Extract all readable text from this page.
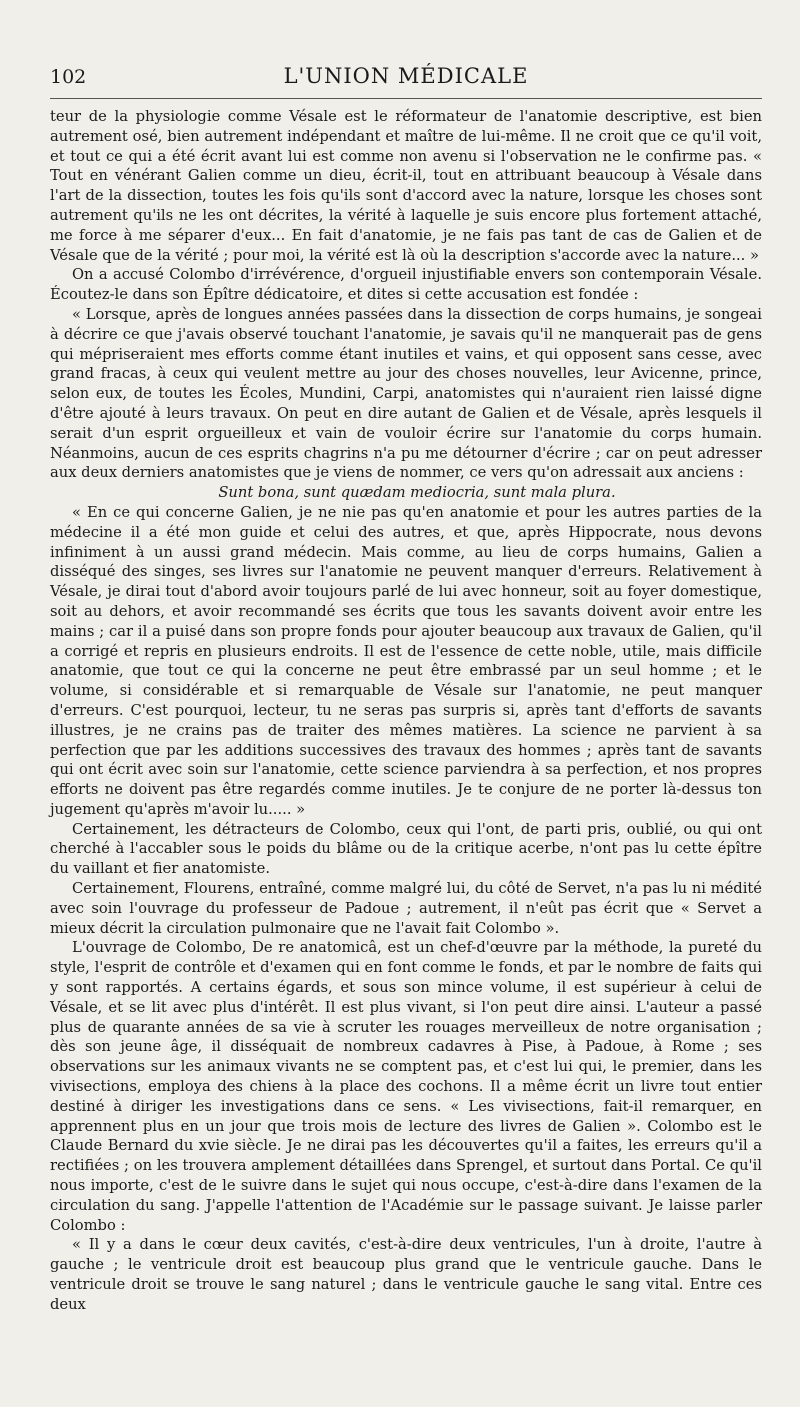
102	L'UNION MÉDICALE

teur de la physiologie comme Vésale est le réformateur de l'anatomie descriptive, est bien autrement osé, bien autrement indépendant et maître de lui-même. Il ne croit que ce qu'il voit, et tout ce qui a été écrit avant lui est comme non avenu si l'observation ne le confirme pas. « Tout en vénérant Galien comme un dieu, écrit-il, tout en attribuant beaucoup à Vésale dans l'art de la dissection, toutes les fois qu'ils sont d'accord avec la nature, lorsque les choses sont autrement qu'ils ne les ont décrites, la vérité à laquelle je suis encore plus fortement attaché, me force à me séparer d'eux... En fait d'anatomie, je ne fais pas tant de cas de Galien et de Vésale que de la vérité ; pour moi, la vérité est là où la description s'accorde avec la nature... »

On a accusé Colombo d'irrévérence, d'orgueil injustifiable envers son contemporain Vésale. Écoutez-le dans son Épître dédicatoire, et dites si cette accusation est fondée :

« Lorsque, après de longues années passées dans la dissection de corps humains, je songeai à décrire ce que j'avais observé touchant l'anatomie, je savais qu'il ne manquerait pas de gens qui mépriseraient mes efforts comme étant inutiles et vains, et qui opposent sans cesse, avec grand fracas, à ceux qui veulent mettre au jour des choses nouvelles, leur Avicenne, prince, selon eux, de toutes les Écoles, Mundini, Carpi, anatomistes qui n'auraient rien laissé digne d'être ajouté à leurs travaux. On peut en dire autant de Galien et de Vésale, après lesquels il serait d'un esprit orgueilleux et vain de vouloir écrire sur l'anatomie du corps humain. Néanmoins, aucun de ces esprits chagrins n'a pu me détourner d'écrire ; car on peut adresser aux deux derniers anatomistes que je viens de nommer, ce vers qu'on adressait aux anciens :

Sunt bona, sunt quædam mediocria, sunt mala plura.

« En ce qui concerne Galien, je ne nie pas qu'en anatomie et pour les autres parties de la médecine il a été mon guide et celui des autres, et que, après Hippocrate, nous devons infiniment à un aussi grand médecin. Mais comme, au lieu de corps humains, Galien a disséqué des singes, ses livres sur l'anatomie ne peuvent manquer d'erreurs. Relativement à Vésale, je dirai tout d'abord avoir toujours parlé de lui avec honneur, soit au foyer domestique, soit au dehors, et avoir recommandé ses écrits que tous les savants doivent avoir entre les mains ; car il a puisé dans son propre fonds pour ajouter beaucoup aux travaux de Galien, qu'il a corrigé et repris en plusieurs endroits. Il est de l'essence de cette noble, utile, mais difficile anatomie, que tout ce qui la concerne ne peut être embrassé par un seul homme ; et le volume, si considérable et si remarquable de Vésale sur l'anatomie, ne peut manquer d'erreurs. C'est pourquoi, lecteur, tu ne seras pas surpris si, après tant d'efforts de savants illustres, je ne crains pas de traiter des mêmes matières. La science ne parvient à sa perfection que par les additions successives des travaux des hommes ; après tant de savants qui ont écrit avec soin sur l'anatomie, cette science parviendra à sa perfection, et nos propres efforts ne doivent pas être regardés comme inutiles. Je te conjure de ne porter là-dessus ton jugement qu'après m'avoir lu..... »

Certainement, les détracteurs de Colombo, ceux qui l'ont, de parti pris, oublié, ou qui ont cherché à l'accabler sous le poids du blâme ou de la critique acerbe, n'ont pas lu cette épître du vaillant et fier anatomiste.

Certainement, Flourens, entraîné, comme malgré lui, du côté de Servet, n'a pas lu ni médité avec soin l'ouvrage du professeur de Padoue ; autrement, il n'eût pas écrit que « Servet a mieux décrit la circulation pulmonaire que ne l'avait fait Colombo ».

L'ouvrage de Colombo, De re anatomicâ, est un chef-d'œuvre par la méthode, la pureté du style, l'esprit de contrôle et d'examen qui en font comme le fonds, et par le nombre de faits qui y sont rapportés. A certains égards, et sous son mince volume, il est supérieur à celui de Vésale, et se lit avec plus d'intérêt. Il est plus vivant, si l'on peut dire ainsi. L'auteur a passé plus de quarante années de sa vie à scruter les rouages merveilleux de notre organisation ; dès son jeune âge, il disséquait de nombreux cadavres à Pise, à Padoue, à Rome ; ses observations sur les animaux vivants ne se comptent pas, et c'est lui qui, le premier, dans les vivisections, employa des chiens à la place des cochons. Il a même écrit un livre tout entier destiné à diriger les investigations dans ce sens. « Les vivisections, fait-il remarquer, en apprennent plus en un jour que trois mois de lecture des livres de Galien ». Colombo est le Claude Bernard du xvie siècle. Je ne dirai pas les découvertes qu'il a faites, les erreurs qu'il a rectifiées ; on les trouvera amplement détaillées dans Sprengel, et surtout dans Portal. Ce qu'il nous importe, c'est de le suivre dans le sujet qui nous occupe, c'est-à-dire dans l'examen de la circulation du sang. J'appelle l'attention de l'Académie sur le passage suivant. Je laisse parler Colombo :

« Il y a dans le cœur deux cavités, c'est-à-dire deux ventricules, l'un à droite, l'autre à gauche ; le ventricule droit est beaucoup plus grand que le ventricule gauche. Dans le ventricule droit se trouve le sang naturel ; dans le ventricule gauche le sang vital. Entre ces deux
